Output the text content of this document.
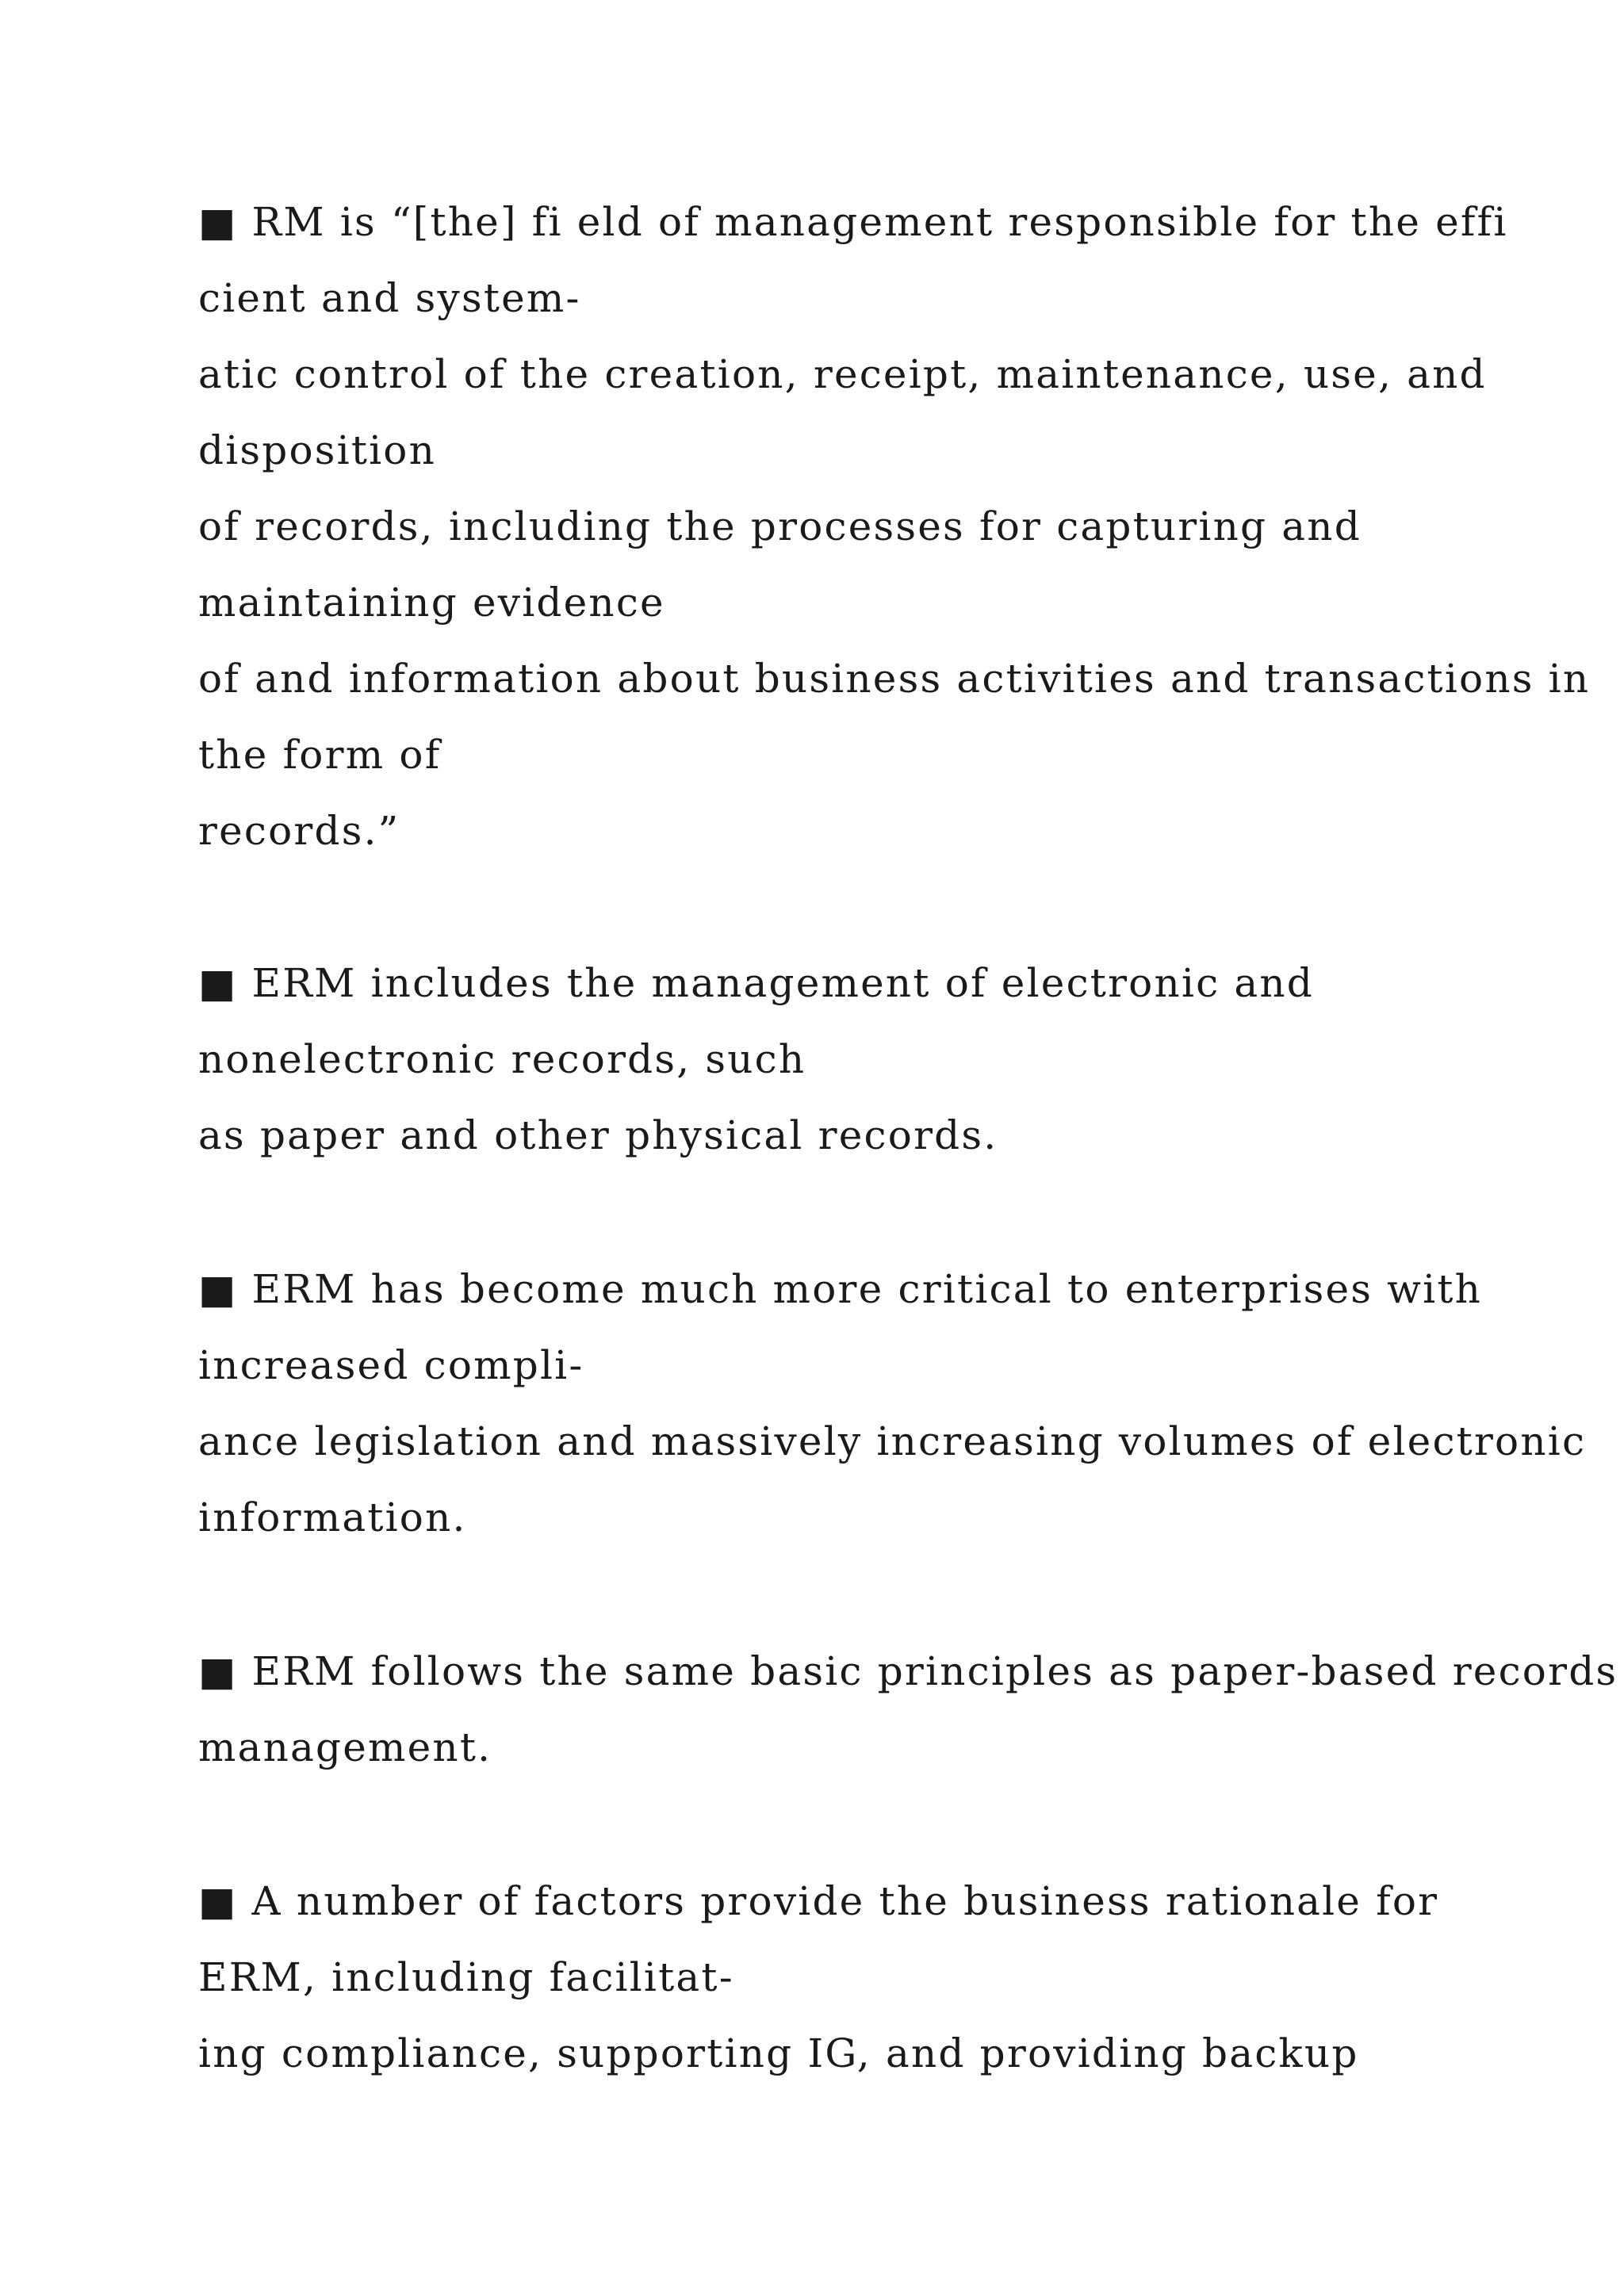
■ RM is “[the] fi eld of management responsible for the effi
cient and system-
atic control of the creation, receipt, maintenance, use, and
disposition
of records, including the processes for capturing and
maintaining evidence
of and information about business activities and transactions in
the form of
records.”
■ ERM includes the management of electronic and
nonelectronic records, such
as paper and other physical records.
■ ERM has become much more critical to enterprises with
increased compli-
ance legislation and massively increasing volumes of electronic
information.
■ ERM follows the same basic principles as paper-based records
management.
■ A number of factors provide the business rationale for
ERM, including facilitat-
ing compliance, supporting IG, and providing backup
